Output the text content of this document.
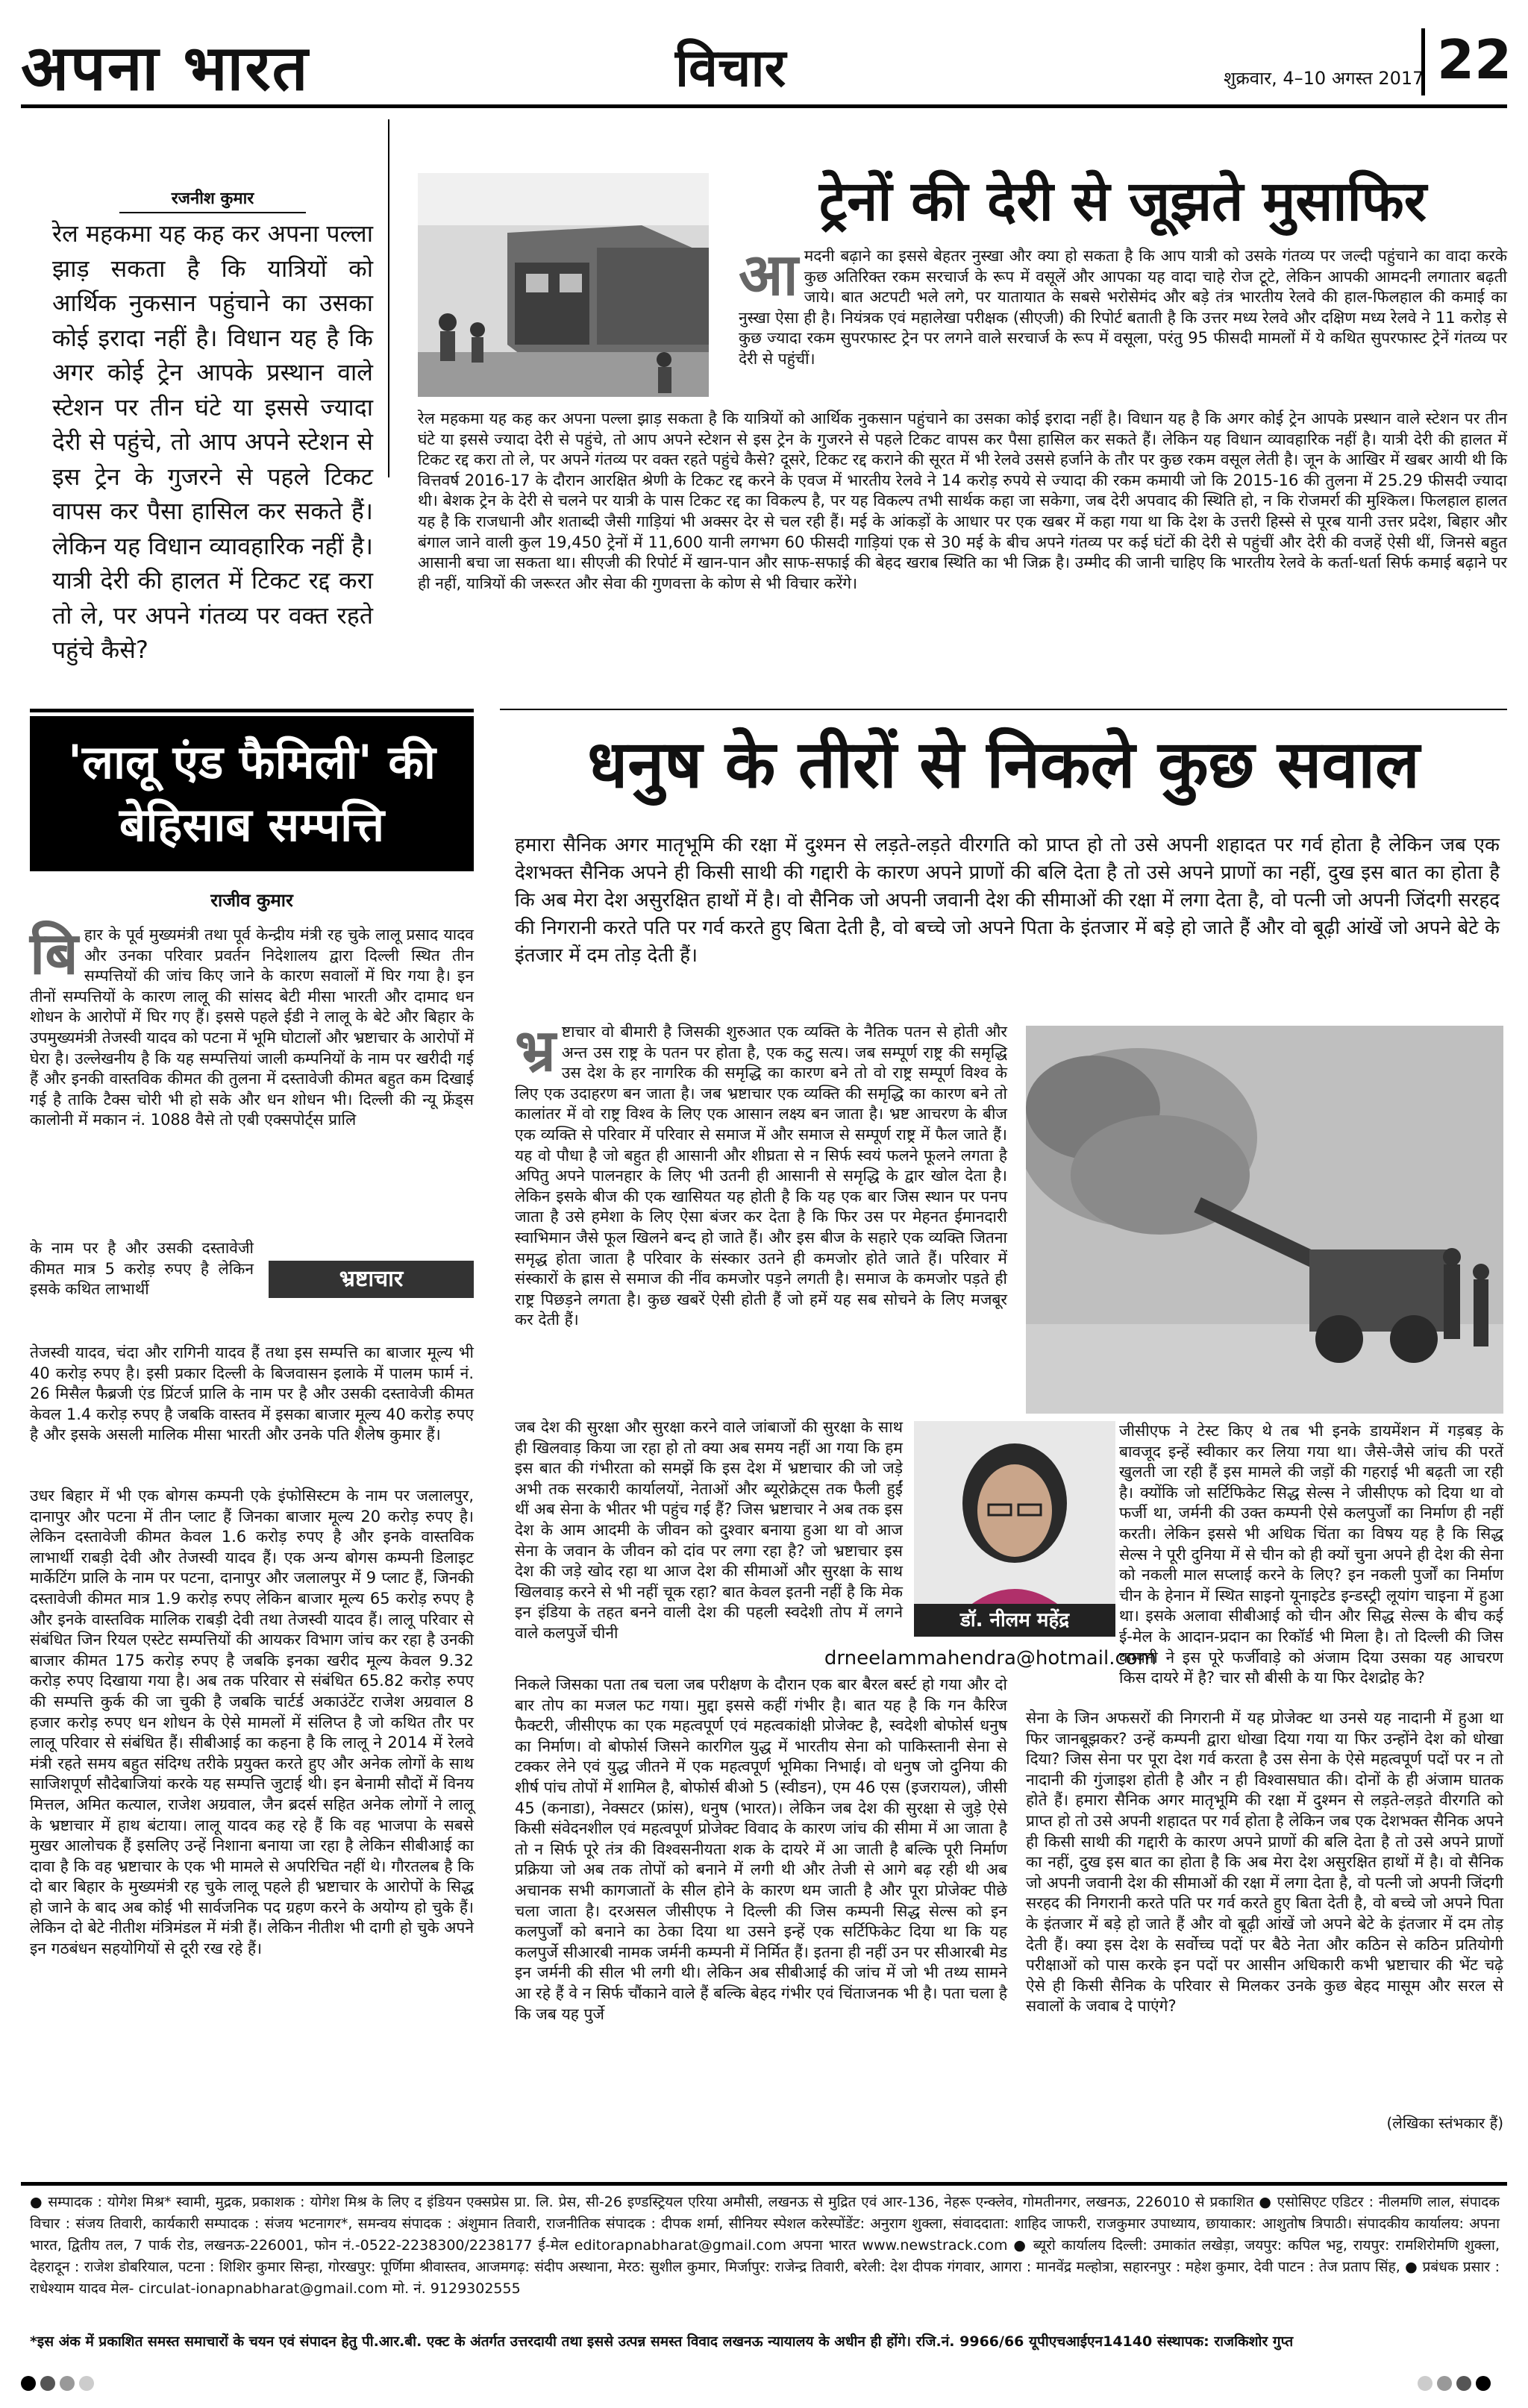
अपना भारत	विचार	शुक्रवार, 4–10 अगस्त 2017 22
रजनीश कुमार
रेल महकमा यह कह कर अपना पल्ला झाड़ सकता है कि यात्रियों को आर्थिक नुकसान पहुंचाने का उसका कोई इरादा नहीं है। विधान यह है कि अगर कोई ट्रेन आपके प्रस्थान वाले स्टेशन पर तीन घंटे या इससे ज्यादा देरी से पहुंचे, तो आप अपने स्टेशन से इस ट्रेन के गुजरने से पहले टिकट वापस कर पैसा हासिल कर सकते हैं। लेकिन यह विधान व्यावहारिक नहीं है। यात्री देरी की हालत में टिकट रद्द करा तो ले, पर अपने गंतव्य पर वक्त रहते पहुंचे कैसे?
ट्रेनों की देरी से जूझते मुसाफिर
आ मदनी बढ़ाने का इससे बेहतर नुस्खा और क्या हो सकता है कि आप यात्री को उसके गंतव्य पर जल्दी पहुंचाने का वादा करके कुछ अतिरिक्त रकम सरचार्ज के रूप में वसूलें और आपका यह वादा चाहे रोज टूटे, लेकिन आपकी आमदनी लगातार बढ़ती जाये। बात अटपटी भले लगे, पर यातायात के सबसे भरोसेमंद और बड़े तंत्र भारतीय रेलवे की हाल-फिलहाल की कमाई का नुस्खा ऐसा ही है। नियंत्रक एवं महालेखा परीक्षक (सीएजी) की रिपोर्ट बताती है कि उत्तर मध्य रेलवे और दक्षिण मध्य रेलवे ने 11 करोड़ से कुछ ज्यादा रकम सुपरफास्ट ट्रेन पर लगने वाले सरचार्ज के रूप में वसूला, परंतु 95 फीसदी मामलों में ये कथित सुपरफास्ट ट्रेनें गंतव्य पर देरी से पहुंचीं।
रेल महकमा यह कह कर अपना पल्ला झाड़ सकता है कि यात्रियों को आर्थिक नुकसान पहुंचाने का उसका कोई इरादा नहीं है। विधान यह है कि अगर कोई ट्रेन आपके प्रस्थान वाले स्टेशन पर तीन घंटे या इससे ज्यादा देरी से पहुंचे, तो आप अपने स्टेशन से इस ट्रेन के गुजरने से पहले टिकट वापस कर पैसा हासिल कर सकते हैं। लेकिन यह विधान व्यावहारिक नहीं है। यात्री देरी की हालत में टिकट रद्द करा तो ले, पर अपने गंतव्य पर वक्त रहते पहुंचे कैसे? दूसरे, टिकट रद्द कराने की सूरत में भी रेलवे उससे हर्जाने के तौर पर कुछ रकम वसूल लेती है। जून के आखिर में खबर आयी थी कि वित्तवर्ष 2016-17 के दौरान आरक्षित श्रेणी के टिकट रद्द करने के एवज में भारतीय रेलवे ने 14 करोड़ रुपये से ज्यादा की रकम कमायी जो कि 2015-16 की तुलना में 25.29 फीसदी ज्यादा थी। बेशक ट्रेन के देरी से चलने पर यात्री के पास टिकट रद्द का विकल्प है, पर यह विकल्प तभी सार्थक कहा जा सकेगा, जब देरी अपवाद की स्थिति हो, न कि रोजमर्रा की मुश्किल। फिलहाल हालत यह है कि राजधानी और शताब्दी जैसी गाड़ियां भी अक्सर देर से चल रही हैं। मई के आंकड़ों के आधार पर एक खबर में कहा गया था कि देश के उत्तरी हिस्से से पूरब यानी उत्तर प्रदेश, बिहार और बंगाल जाने वाली कुल 19,450 ट्रेनों में 11,600 यानी लगभग 60 फीसदी गाड़ियां एक से 30 मई के बीच अपने गंतव्य पर कई घंटों की देरी से पहुंचीं और देरी की वजहें ऐसी थीं, जिनसे बहुत आसानी बचा जा सकता था। सीएजी की रिपोर्ट में खान-पान और साफ-सफाई की बेहद खराब स्थिति का भी जिक्र है। उम्मीद की जानी चाहिए कि भारतीय रेलवे के कर्ता-धर्ता सिर्फ कमाई बढ़ाने पर ही नहीं, यात्रियों की जरूरत और सेवा की गुणवत्ता के कोण से भी विचार करेंगे।
'लालू एंड फैमिली' की बेहिसाब सम्पत्ति
राजीव कुमार
बि हार के पूर्व मुख्यमंत्री तथा पूर्व केन्द्रीय मंत्री रह चुके लालू प्रसाद यादव और उनका परिवार प्रवर्तन निदेशालय द्वारा दिल्ली स्थित तीन सम्पत्तियों की जांच किए जाने के कारण सवालों में घिर गया है। इन तीनों सम्पत्तियों के कारण लालू की सांसद बेटी मीसा भारती और दामाद धन शोधन के आरोपों में घिर गए हैं। इससे पहले ईडी ने लालू के बेटे और बिहार के उपमुख्यमंत्री तेजस्वी यादव को पटना में भूमि घोटालों और भ्रष्टाचार के आरोपों में घेरा है। उल्लेखनीय है कि यह सम्पत्तियां जाली कम्पनियों के नाम पर खरीदी गई हैं और इनकी वास्तविक कीमत की तुलना में दस्तावेजी कीमत बहुत कम दिखाई गई है ताकि टैक्स चोरी भी हो सके और धन शोधन भी। दिल्ली की न्यू फ्रेंड्स कालोनी में मकान नं. 1088 वैसे तो एबी एक्सपोर्ट्स प्रालि
के नाम पर है और उसकी दस्तावेजी कीमत मात्र 5 करोड़ रुपए है लेकिन इसके कथित लाभार्थी	भ्रष्टाचार
तेजस्वी यादव, चंदा और रागिनी यादव हैं तथा इस सम्पत्ति का बाजार मूल्य भी 40 करोड़ रुपए है। इसी प्रकार दिल्ली के बिजवासन इलाके में पालम फार्म नं. 26 मिसैल फैब्रजी एंड प्रिंटर्ज प्रालि के नाम पर है और उसकी दस्तावेजी कीमत केवल 1.4 करोड़ रुपए है जबकि वास्तव में इसका बाजार मूल्य 40 करोड़ रुपए है और इसके असली मालिक मीसा भारती और उनके पति शैलेष कुमार हैं।
उधर बिहार में भी एक बोगस कम्पनी एके इंफोसिस्टम के नाम पर जलालपुर, दानापुर और पटना में तीन प्लाट हैं जिनका बाजार मूल्य 20 करोड़ रुपए है। लेकिन दस्तावेजी कीमत केवल 1.6 करोड़ रुपए है और इनके वास्तविक लाभार्थी राबड़ी देवी और तेजस्वी यादव हैं। एक अन्य बोगस कम्पनी डिलाइट मार्केटिंग प्रालि के नाम पर पटना, दानापुर और जलालपुर में 9 प्लाट हैं, जिनकी दस्तावेजी कीमत मात्र 1.9 करोड़ रुपए लेकिन बाजार मूल्य 65 करोड़ रुपए है और इनके वास्तविक मालिक राबड़ी देवी तथा तेजस्वी यादव हैं। लालू परिवार से संबंधित जिन रियल एस्टेट सम्पत्तियों की आयकर विभाग जांच कर रहा है उनकी बाजार कीमत 175 करोड़ रुपए है जबकि इनका खरीद मूल्य केवल 9.32 करोड़ रुपए दिखाया गया है। अब तक परिवार से संबंधित 65.82 करोड़ रुपए की सम्पत्ति कुर्क की जा चुकी है जबकि चार्टर्ड अकाउंटेंट राजेश अग्रवाल 8 हजार करोड़ रुपए धन शोधन के ऐसे मामलों में संलिप्त है जो कथित तौर पर लालू परिवार से संबंधित हैं। सीबीआई का कहना है कि लालू ने 2014 में रेलवे मंत्री रहते समय बहुत संदिग्ध तरीके प्रयुक्त करते हुए और अनेक लोगों के साथ साजिशपूर्ण सौदेबाजियां करके यह सम्पत्ति जुटाई थी। इन बेनामी सौदों में विनय मित्तल, अमित कत्याल, राजेश अग्रवाल, जैन ब्रदर्स सहित अनेक लोगों ने लालू के भ्रष्टाचार में हाथ बंटाया। लालू यादव कह रहे हैं कि वह भाजपा के सबसे मुखर आलोचक हैं इसलिए उन्हें निशाना बनाया जा रहा है लेकिन सीबीआई का दावा है कि वह भ्रष्टाचार के एक भी मामले से अपरिचित नहीं थे। गौरतलब है कि दो बार बिहार के मुख्यमंत्री रह चुके लालू पहले ही भ्रष्टाचार के आरोपों के सिद्ध हो जाने के बाद अब कोई भी सार्वजनिक पद ग्रहण करने के अयोग्य हो चुके हैं। लेकिन दो बेटे नीतीश मंत्रिमंडल में मंत्री हैं। लेकिन नीतीश भी दागी हो चुके अपने इन गठबंधन सहयोगियों से दूरी रख रहे हैं।
धनुष के तीरों से निकले कुछ सवाल
हमारा सैनिक अगर मातृभूमि की रक्षा में दुश्मन से लड़ते-लड़ते वीरगति को प्राप्त हो तो उसे अपनी शहादत पर गर्व होता है लेकिन जब एक देशभक्त सैनिक अपने ही किसी साथी की गद्दारी के कारण अपने प्राणों की बलि देता है तो उसे अपने प्राणों का नहीं, दुख इस बात का होता है कि अब मेरा देश असुरक्षित हाथों में है। वो सैनिक जो अपनी जवानी देश की सीमाओं की रक्षा में लगा देता है, वो पत्नी जो अपनी जिंदगी सरहद की निगरानी करते पति पर गर्व करते हुए बिता देती है, वो बच्चे जो अपने पिता के इंतजार में बड़े हो जाते हैं और वो बूढ़ी आंखें जो अपने बेटे के इंतजार में दम तोड़ देती हैं।
भ्र ष्टाचार वो बीमारी है जिसकी शुरुआत एक व्यक्ति के नैतिक पतन से होती और अन्त उस राष्ट्र के पतन पर होता है, एक कटु सत्य। जब सम्पूर्ण राष्ट्र की समृद्धि उस देश के हर नागरिक की समृद्धि का कारण बने तो वो राष्ट्र सम्पूर्ण विश्व के लिए एक उदाहरण बन जाता है। जब भ्रष्टाचार एक व्यक्ति की समृद्धि का कारण बने तो कालांतर में वो राष्ट्र विश्व के लिए एक आसान लक्ष्य बन जाता है। भ्रष्ट आचरण के बीज एक व्यक्ति से परिवार में परिवार से समाज में और समाज से सम्पूर्ण राष्ट्र में फैल जाते हैं। यह वो पौधा है जो बहुत ही आसानी और शीघ्रता से न सिर्फ स्वयं फलने फूलने लगता है अपितु अपने पालनहार के लिए भी उतनी ही आसानी से समृद्धि के द्वार खोल देता है। लेकिन इसके बीज की एक खासियत यह होती है कि यह एक बार जिस स्थान पर पनप जाता है उसे हमेशा के लिए ऐसा बंजर कर देता है कि फिर उस पर मेहनत ईमानदारी स्वाभिमान जैसे फूल खिलने बन्द हो जाते हैं। और इस बीज के सहारे एक व्यक्ति जितना समृद्ध होता जाता है परिवार के संस्कार उतने ही कमजोर होते जाते हैं। परिवार में संस्कारों के ह्रास से समाज की नींव कमजोर पड़ने लगती है। समाज के कमजोर पड़ते ही राष्ट्र पिछड़ने लगता है। कुछ खबरें ऐसी होती हैं जो हमें यह सब सोचने के लिए मजबूर कर देती हैं।
जब देश की सुरक्षा और सुरक्षा करने वाले जांबाजों की सुरक्षा के साथ ही खिलवाड़ किया जा रहा हो तो क्या अब समय नहीं आ गया कि हम इस बात की गंभीरता को समझें कि इस देश में भ्रष्टाचार की जो जड़े अभी तक सरकारी कार्यालयों, नेताओं और ब्यूरोक्रेट्स तक फैली हुईं थीं अब सेना के भीतर भी पहुंच गई हैं? जिस भ्रष्टाचार ने अब तक इस देश के आम आदमी के जीवन को दुश्वार बनाया हुआ था वो आज सेना के जवान के जीवन को दांव पर लगा रहा है? जो भ्रष्टाचार इस देश की जड़े खोद रहा था आज देश की सीमाओं और सुरक्षा के साथ खिलवाड़ करने से भी नहीं चूक रहा? बात केवल इतनी नहीं है कि मेक इन इंडिया के तहत बनने वाली देश की पहली स्वदेशी तोप में लगने वाले कलपुर्जे चीनी
डॉ. नीलम महेंद्र
drneelammahendra@hotmail.com
निकले जिसका पता तब चला जब परीक्षण के दौरान एक बार बैरल बर्स्ट हो गया और दो बार तोप का मजल फट गया। मुद्दा इससे कहीं गंभीर है। बात यह है कि गन कैरिज फैक्टरी, जीसीएफ का एक महत्वपूर्ण एवं महत्वकांक्षी प्रोजेक्ट है, स्वदेशी बोफोर्स धनुष का निर्माण। वो बोफोर्स जिसने कारगिल युद्ध में भारतीय सेना को पाकिस्तानी सेना से टक्कर लेने एवं युद्ध जीतने में एक महत्वपूर्ण भूमिका निभाई। वो धनुष जो दुनिया की शीर्ष पांच तोपों में शामिल है, बोफोर्स बीओ 5 (स्वीडन), एम 46 एस (इजरायल), जीसी 45 (कनाडा), नेक्सटर (फ्रांस), धनुष (भारत)। लेकिन जब देश की सुरक्षा से जुड़े ऐसे किसी संवेदनशील एवं महत्वपूर्ण प्रोजेक्ट विवाद के कारण जांच की सीमा में आ जाता है तो न सिर्फ पूरे तंत्र की विश्वसनीयता शक के दायरे में आ जाती है बल्कि पूरी निर्माण प्रक्रिया जो अब तक तोपों को बनाने में लगी थी और तेजी से आगे बढ़ रही थी अब अचानक सभी कागजातों के सील होने के कारण थम जाती है और पूरा प्रोजेक्ट पीछे चला जाता है। दरअसल जीसीएफ ने दिल्ली की जिस कम्पनी सिद्ध सेल्स को इन कलपुर्जों को बनाने का ठेका दिया था उसने इन्हें एक सर्टिफिकेट दिया था कि यह कलपुर्जे सीआरबी नामक जर्मनी कम्पनी में निर्मित हैं। इतना ही नहीं उन पर सीआरबी मेड इन जर्मनी की सील भी लगी थी। लेकिन अब सीबीआई की जांच में जो भी तथ्य सामने आ रहे हैं वे न सिर्फ चौंकाने वाले हैं बल्कि बेहद गंभीर एवं चिंताजनक भी है। पता चला है कि जब यह पुर्जे
जीसीएफ ने टेस्ट किए थे तब भी इनके डायमेंशन में गड़बड़ के बावजूद इन्हें स्वीकार कर लिया गया था। जैसे-जैसे जांच की परतें खुलती जा रही हैं इस मामले की जड़ों की गहराई भी बढ़ती जा रही है। क्योंकि जो सर्टिफिकेट सिद्ध सेल्स ने जीसीएफ को दिया था वो फर्जी था, जर्मनी की उक्त कम्पनी ऐसे कलपुर्जों का निर्माण ही नहीं करती। लेकिन इससे भी अधिक चिंता का विषय यह है कि सिद्ध सेल्स ने पूरी दुनिया में से चीन को ही क्यों चुना अपने ही देश की सेना को नकली माल सप्लाई करने के लिए? इन नकली पुर्जों का निर्माण चीन के हेनान में स्थित साइनो यूनाइटेड इन्डस्ट्री लूयांग चाइना में हुआ था। इसके अलावा सीबीआई को चीन और सिद्ध सेल्स के बीच कई ई-मेल के आदान-प्रदान का रिकॉर्ड भी मिला है। तो दिल्ली की जिस कम्पनी ने इस पूरे फर्जीवाड़े को अंजाम दिया उसका यह आचरण किस दायरे में है? चार सौ बीसी के या फिर देशद्रोह के?
सेना के जिन अफसरों की निगरानी में यह प्रोजेक्ट था उनसे यह नादानी में हुआ था फिर जानबूझकर? उन्हें कम्पनी द्वारा धोखा दिया गया या फिर उन्होंने देश को धोखा दिया? जिस सेना पर पूरा देश गर्व करता है उस सेना के ऐसे महत्वपूर्ण पदों पर न तो नादानी की गुंजाइश होती है और न ही विश्वासघात की। दोनों के ही अंजाम घातक होते हैं। हमारा सैनिक अगर मातृभूमि की रक्षा में दुश्मन से लड़ते-लड़ते वीरगति को प्राप्त हो तो उसे अपनी शहादत पर गर्व होता है लेकिन जब एक देशभक्त सैनिक अपने ही किसी साथी की गद्दारी के कारण अपने प्राणों की बलि देता है तो उसे अपने प्राणों का नहीं, दुख इस बात का होता है कि अब मेरा देश असुरक्षित हाथों में है। वो सैनिक जो अपनी जवानी देश की सीमाओं की रक्षा में लगा देता है, वो पत्नी जो अपनी जिंदगी सरहद की निगरानी करते पति पर गर्व करते हुए बिता देती है, वो बच्चे जो अपने पिता के इंतजार में बड़े हो जाते हैं और वो बूढ़ी आंखें जो अपने बेटे के इंतजार में दम तोड़ देती हैं। क्या इस देश के सर्वोच्च पदों पर बैठे नेता और कठिन से कठिन प्रतियोगी परीक्षाओं को पास करके इन पदों पर आसीन अधिकारी कभी भ्रष्टाचार की भेंट चढ़े ऐसे ही किसी सैनिक के परिवार से मिलकर उनके कुछ बेहद मासूम और सरल से सवालों के जवाब दे पाएंगे?
(लेखिका स्तंभकार हैं)
● सम्पादक : योगेश मिश्र* स्वामी, मुद्रक, प्रकाशक : योगेश मिश्र के लिए द इंडियन एक्सप्रेस प्रा. लि. प्रेस, सी-26 इण्डस्ट्रियल एरिया अमौसी, लखनऊ से मुद्रित एवं आर-136, नेहरू एन्क्लेव, गोमतीनगर, लखनऊ, 226010 से प्रकाशित ● एसोसिएट एडिटर : नीलमणि लाल, संपादक विचार : संजय तिवारी, कार्यकारी सम्पादक : संजय भटनागर*, समन्वय संपादक : अंशुमान तिवारी, राजनीतिक संपादक : दीपक शर्मा, सीनियर स्पेशल करेस्पोंडेंट: अनुराग शुक्ला, संवाददाता: शाहिद जाफरी, राजकुमार उपाध्याय, छायाकार: आशुतोष त्रिपाठी। संपादकीय कार्यालय: अपना भारत, द्वितीय तल, 7 पार्क रोड, लखनऊ-226001, फोन नं.-0522-2238300/2238177 ई-मेल editorapnabharat@gmail.com अपना भारत www.newstrack.com ● ब्यूरो कार्यालय दिल्ली: उमाकांत लखेड़ा, जयपुर: कपिल भट्ट, रायपुर: रामशिरोमणि शुक्ला, देहरादून : राजेश डोबरियाल, पटना : शिशिर कुमार सिन्हा, गोरखपुर: पूर्णिमा श्रीवास्तव, आजमगढ़: संदीप अस्थाना, मेरठ: सुशील कुमार, मिर्जापुर: राजेन्द्र तिवारी, बरेली: देश दीपक गंगवार, आगरा : मानवेंद्र मल्होत्रा, सहारनपुर : महेश कुमार, देवी पाटन : तेज प्रताप सिंह, ● प्रबंधक प्रसार : राधेश्याम यादव मेल- circulat-ionapnabharat@gmail.com मो. नं. 9129302555
*इस अंक में प्रकाशित समस्त समाचारों के चयन एवं संपादन हेतु पी.आर.बी. एक्ट के अंतर्गत उत्तरदायी तथा इससे उत्पन्न समस्त विवाद लखनऊ न्यायालय के अधीन ही होंगे। रजि.नं. 9966/66 यूपीएचआईएन14140 संस्थापक: राजकिशोर गुप्त
